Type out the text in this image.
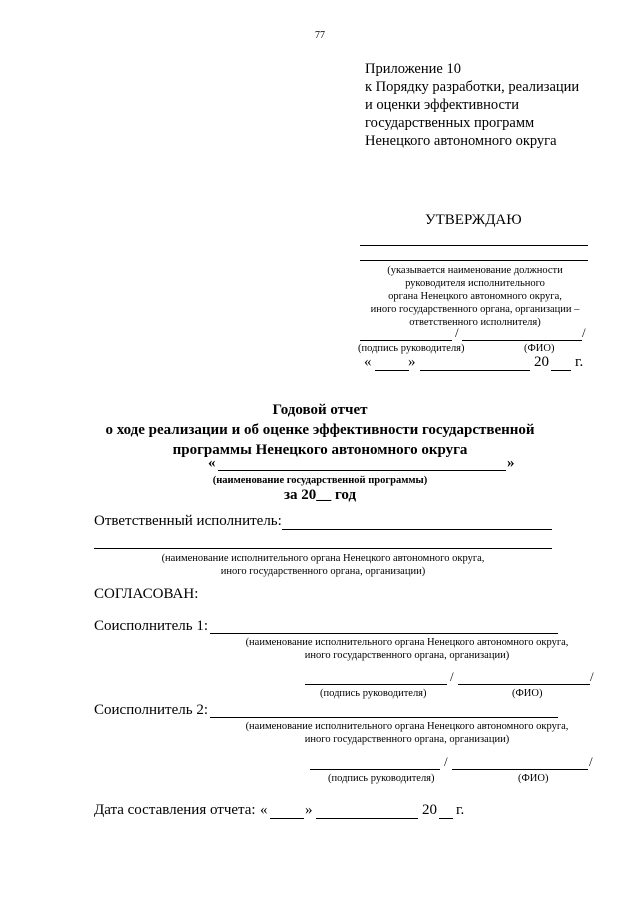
77
Приложение 10
к Порядку разработки, реализации
и оценки эффективности
государственных программ
Ненецкого автономного округа
УТВЕРЖДАЮ
(указывается наименование должности
руководителя исполнительного
органа Ненецкого автономного округа,
иного государственного органа, организации –
ответственного исполнителя)
/	/
(подпись руководителя)	(ФИО)
« »	20 г.
Годовой отчет
о ходе реализации и об оценке эффективности государственной
программы Ненецкого автономного округа
«	»
(наименование государственной программы)
за 20__ год
Ответственный исполнитель:
(наименование исполнительного органа Ненецкого автономного округа,
иного государственного органа, организации)
СОГЛАСОВАН:
Соисполнитель 1:
(наименование исполнительного органа Ненецкого автономного округа,
иного государственного органа, организации)
/	/
(подпись руководителя)	(ФИО)
Соисполнитель 2:
(наименование исполнительного органа Ненецкого автономного округа,
иного государственного органа, организации)
/	/
(подпись руководителя)	(ФИО)
Дата составления отчета: «	»	20 г.
